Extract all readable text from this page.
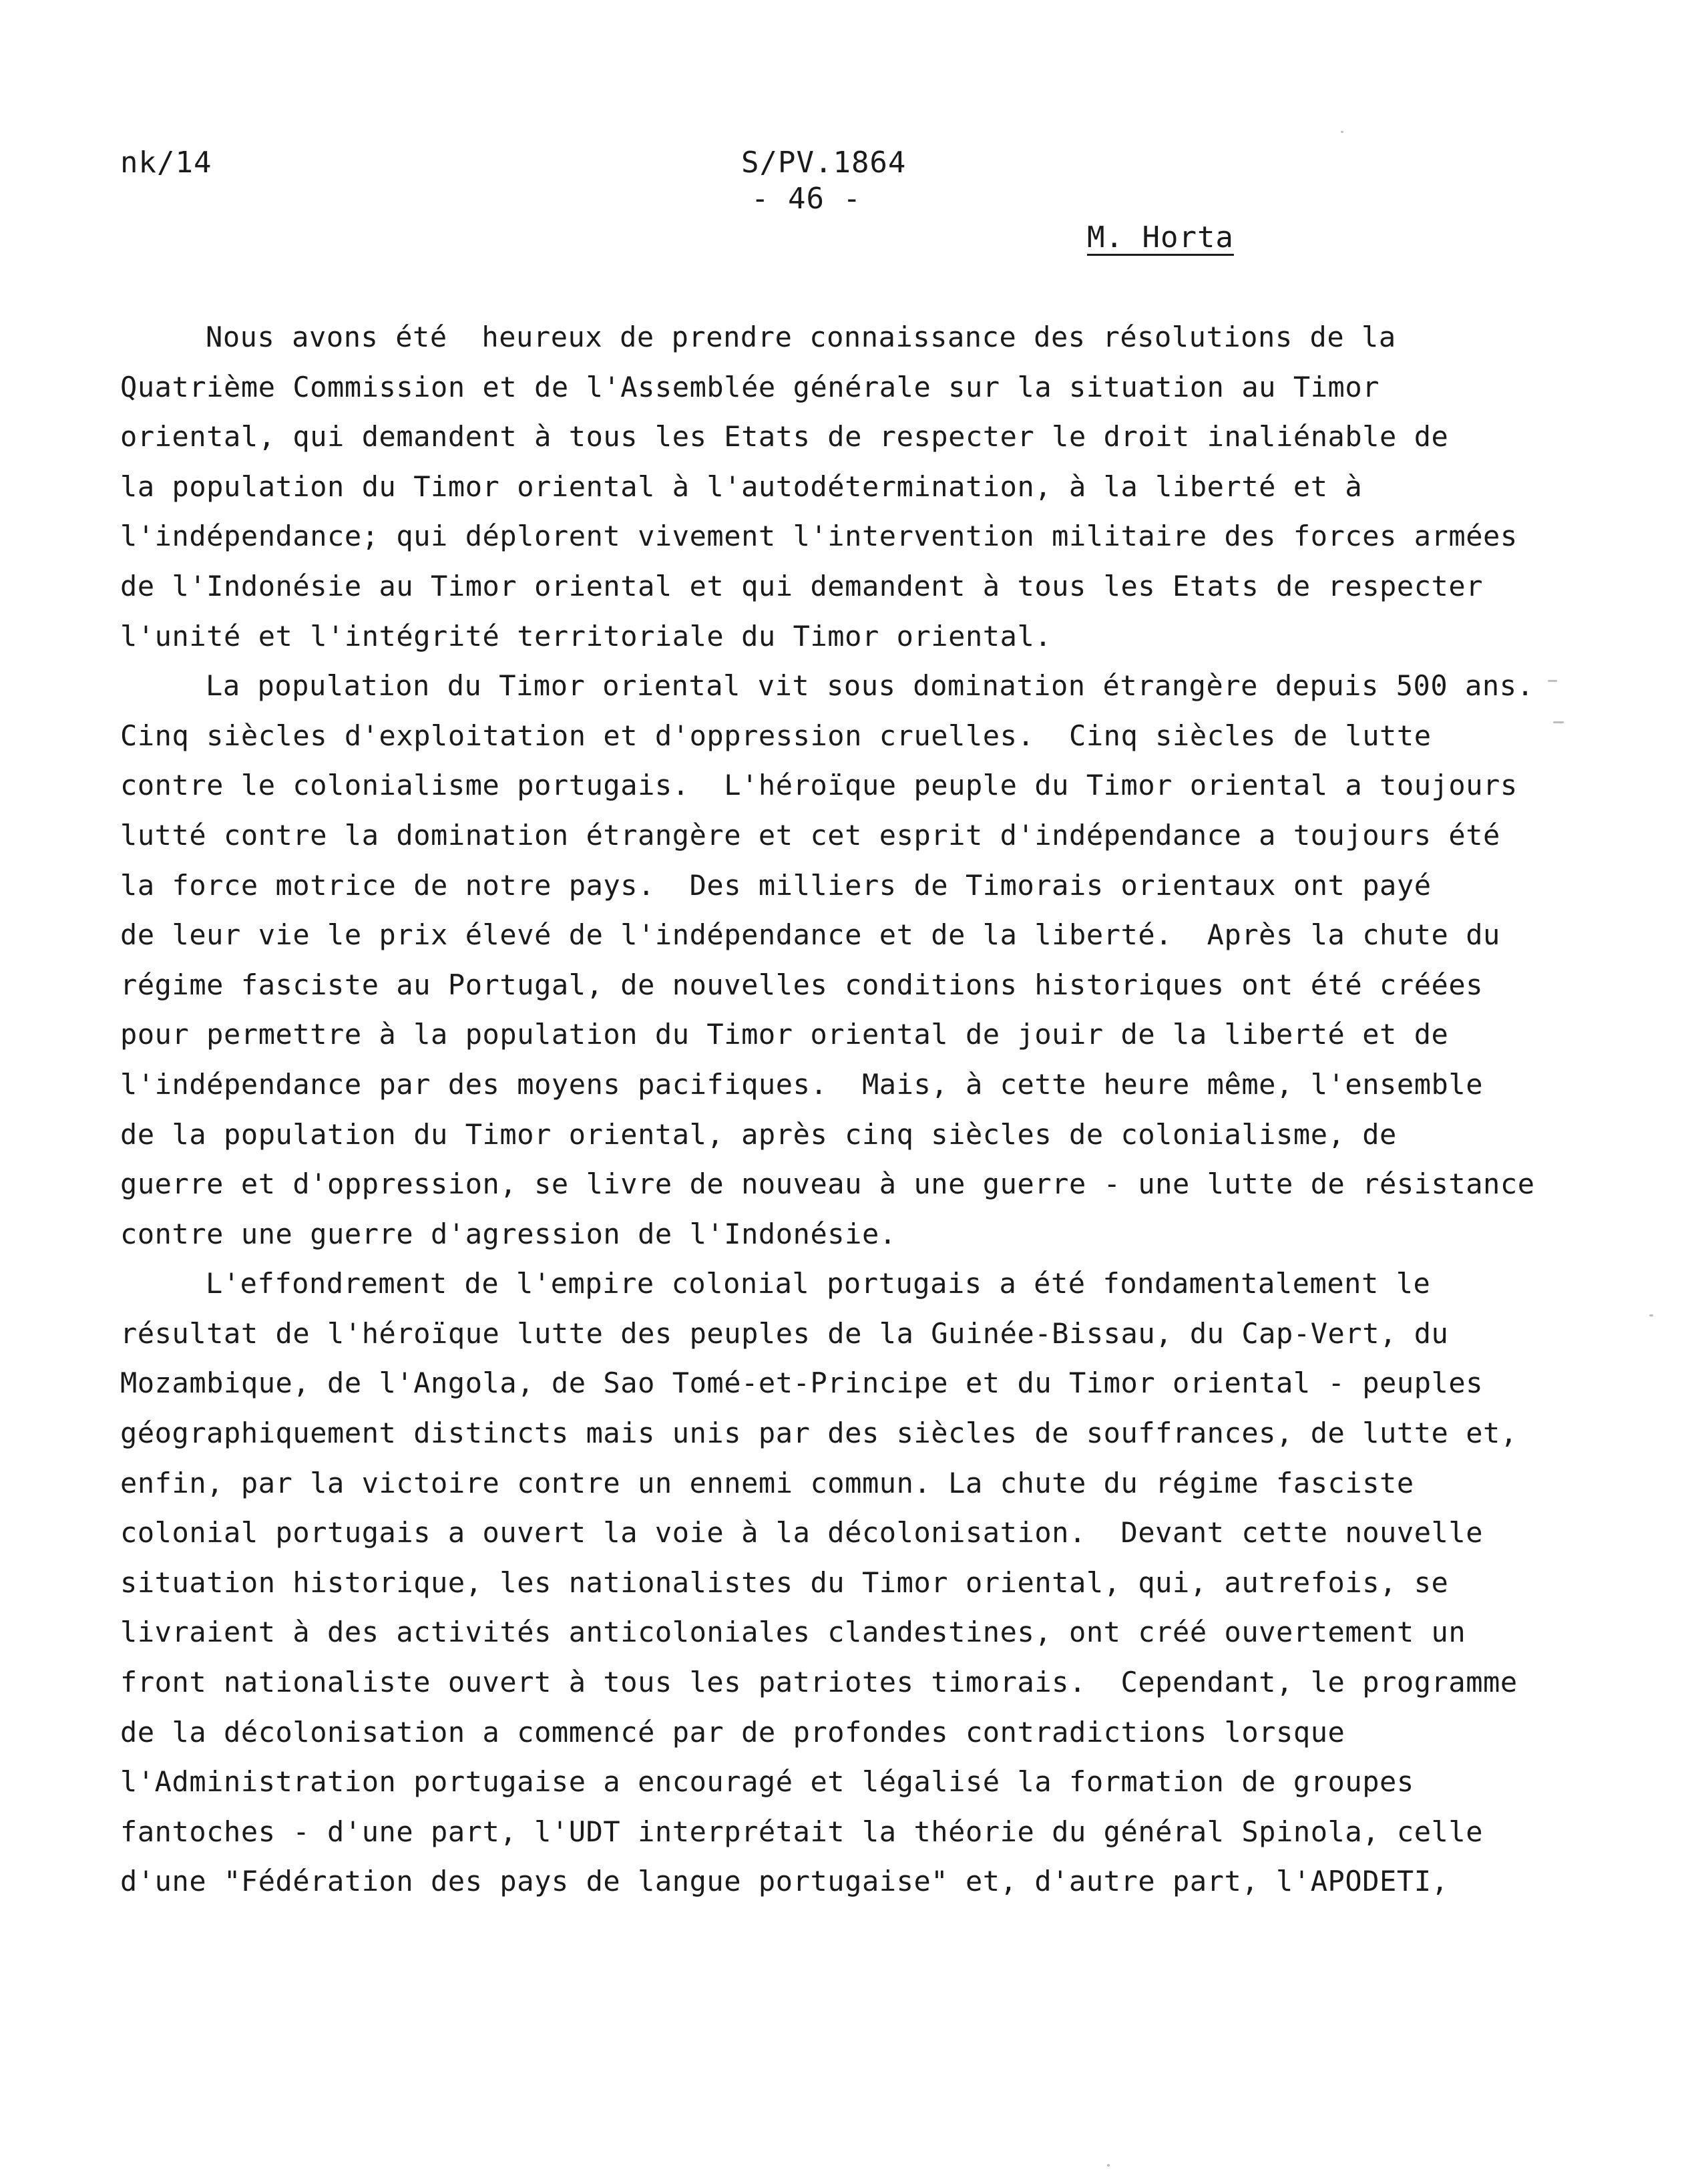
nk/14	S/PV.1864
- 46 -
M. Horta
Nous avons été  heureux de prendre connaissance des résolutions de la
Quatrième Commission et de l'Assemblée générale sur la situation au Timor
oriental, qui demandent à tous les Etats de respecter le droit inaliénable de
la population du Timor oriental à l'autodétermination, à la liberté et à
l'indépendance; qui déplorent vivement l'intervention militaire des forces armées
de l'Indonésie au Timor oriental et qui demandent à tous les Etats de respecter
l'unité et l'intégrité territoriale du Timor oriental.
La population du Timor oriental vit sous domination étrangère depuis 500 ans.
Cinq siècles d'exploitation et d'oppression cruelles.  Cinq siècles de lutte
contre le colonialisme portugais.  L'héroïque peuple du Timor oriental a toujours
lutté contre la domination étrangère et cet esprit d'indépendance a toujours été
la force motrice de notre pays.  Des milliers de Timorais orientaux ont payé
de leur vie le prix élevé de l'indépendance et de la liberté.  Après la chute du
régime fasciste au Portugal, de nouvelles conditions historiques ont été créées
pour permettre à la population du Timor oriental de jouir de la liberté et de
l'indépendance par des moyens pacifiques.  Mais, à cette heure même, l'ensemble
de la population du Timor oriental, après cinq siècles de colonialisme, de
guerre et d'oppression, se livre de nouveau à une guerre - une lutte de résistance
contre une guerre d'agression de l'Indonésie.
L'effondrement de l'empire colonial portugais a été fondamentalement le
résultat de l'héroïque lutte des peuples de la Guinée-Bissau, du Cap-Vert, du
Mozambique, de l'Angola, de Sao Tomé-et-Principe et du Timor oriental - peuples
géographiquement distincts mais unis par des siècles de souffrances, de lutte et,
enfin, par la victoire contre un ennemi commun. La chute du régime fasciste
colonial portugais a ouvert la voie à la décolonisation.  Devant cette nouvelle
situation historique, les nationalistes du Timor oriental, qui, autrefois, se
livraient à des activités anticoloniales clandestines, ont créé ouvertement un
front nationaliste ouvert à tous les patriotes timorais.  Cependant, le programme
de la décolonisation a commencé par de profondes contradictions lorsque
l'Administration portugaise a encouragé et légalisé la formation de groupes
fantoches - d'une part, l'UDT interprétait la théorie du général Spinola, celle
d'une "Fédération des pays de langue portugaise" et, d'autre part, l'APODETI,
